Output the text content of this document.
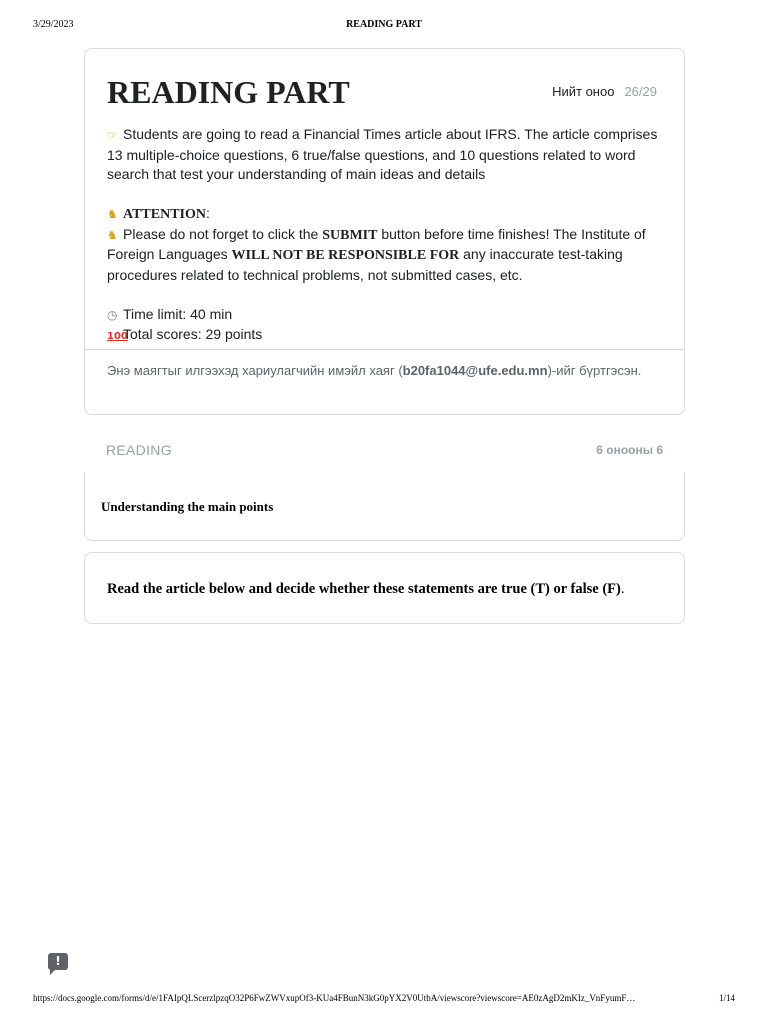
3/29/2023	READING PART
READING PART	Нийт оноо 26/29

☞ Students are going to read a Financial Times article about IFRS. The article comprises 13 multiple-choice questions, 6 true/false questions, and 10 questions related to word search that test your understanding of main ideas and details

♞ ATTENTION:

♞ Please do not forget to click the SUBMIT button before time finishes! The Institute of Foreign Languages WILL NOT BE RESPONSIBLE FOR any inaccurate test-taking procedures related to technical problems, not submitted cases, etc.

◷ Time limit: 40 min

100Total scores: 29 points

Энэ маягтыг илгээхэд хариулагчийн имэйл хаяг (b20fa1044@ufe.edu.mn)-ийг бүртгэсэн.
READING	6 онооны 6
Understanding the main points
Read the article below and decide whether these statements are true (T) or false (F).
!
https://docs.google.com/forms/d/e/1FAIpQLScerzlpzqO32P6FwZWVxupOf3-KUa4FBunN3kG0pYX2V0UtbA/viewscore?viewscore=AE0zAgD2mKIz_VnFyumF…	1/14
